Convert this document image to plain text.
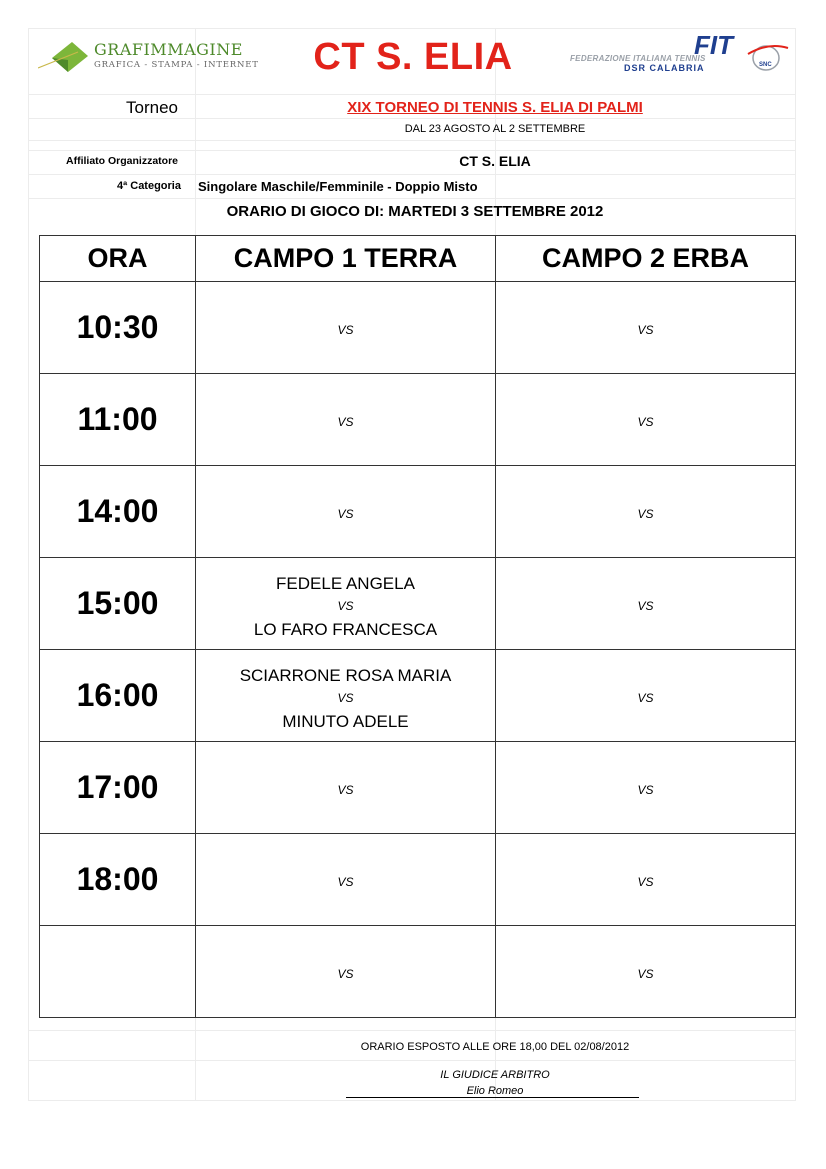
GRAFIMMAGINE
GRAFICA - STAMPA - INTERNET	CT S. ELIA	FIT
FEDERAZIONE ITALIANA TENNIS
DSR CALABRIA	SNC
Torneo	XIX TORNEO DI TENNIS S. ELIA DI PALMI
DAL 23 AGOSTO AL 2 SETTEMBRE
Affiliato Organizzatore	CT S. ELIA
4ª Categoria Singolare Maschile/Femminile - Doppio Misto
ORARIO DI GIOCO DI: MARTEDI 3 SETTEMBRE 2012
ORA	CAMPO 1 TERRA	CAMPO 2 ERBA
10:30	VS	VS

11:00	VS	VS

14:00	VS	VS

15:00	FEDELE ANGELA
VS
LO FARO FRANCESCA	VS

16:00	SCIARRONE ROSA MARIA
VS
MINUTO ADELE	VS

17:00	VS	VS

18:00	VS	VS

	VS	VS
ORARIO ESPOSTO ALLE ORE 18,00 DEL 02/08/2012
IL GIUDICE ARBITRO
Elio Romeo
